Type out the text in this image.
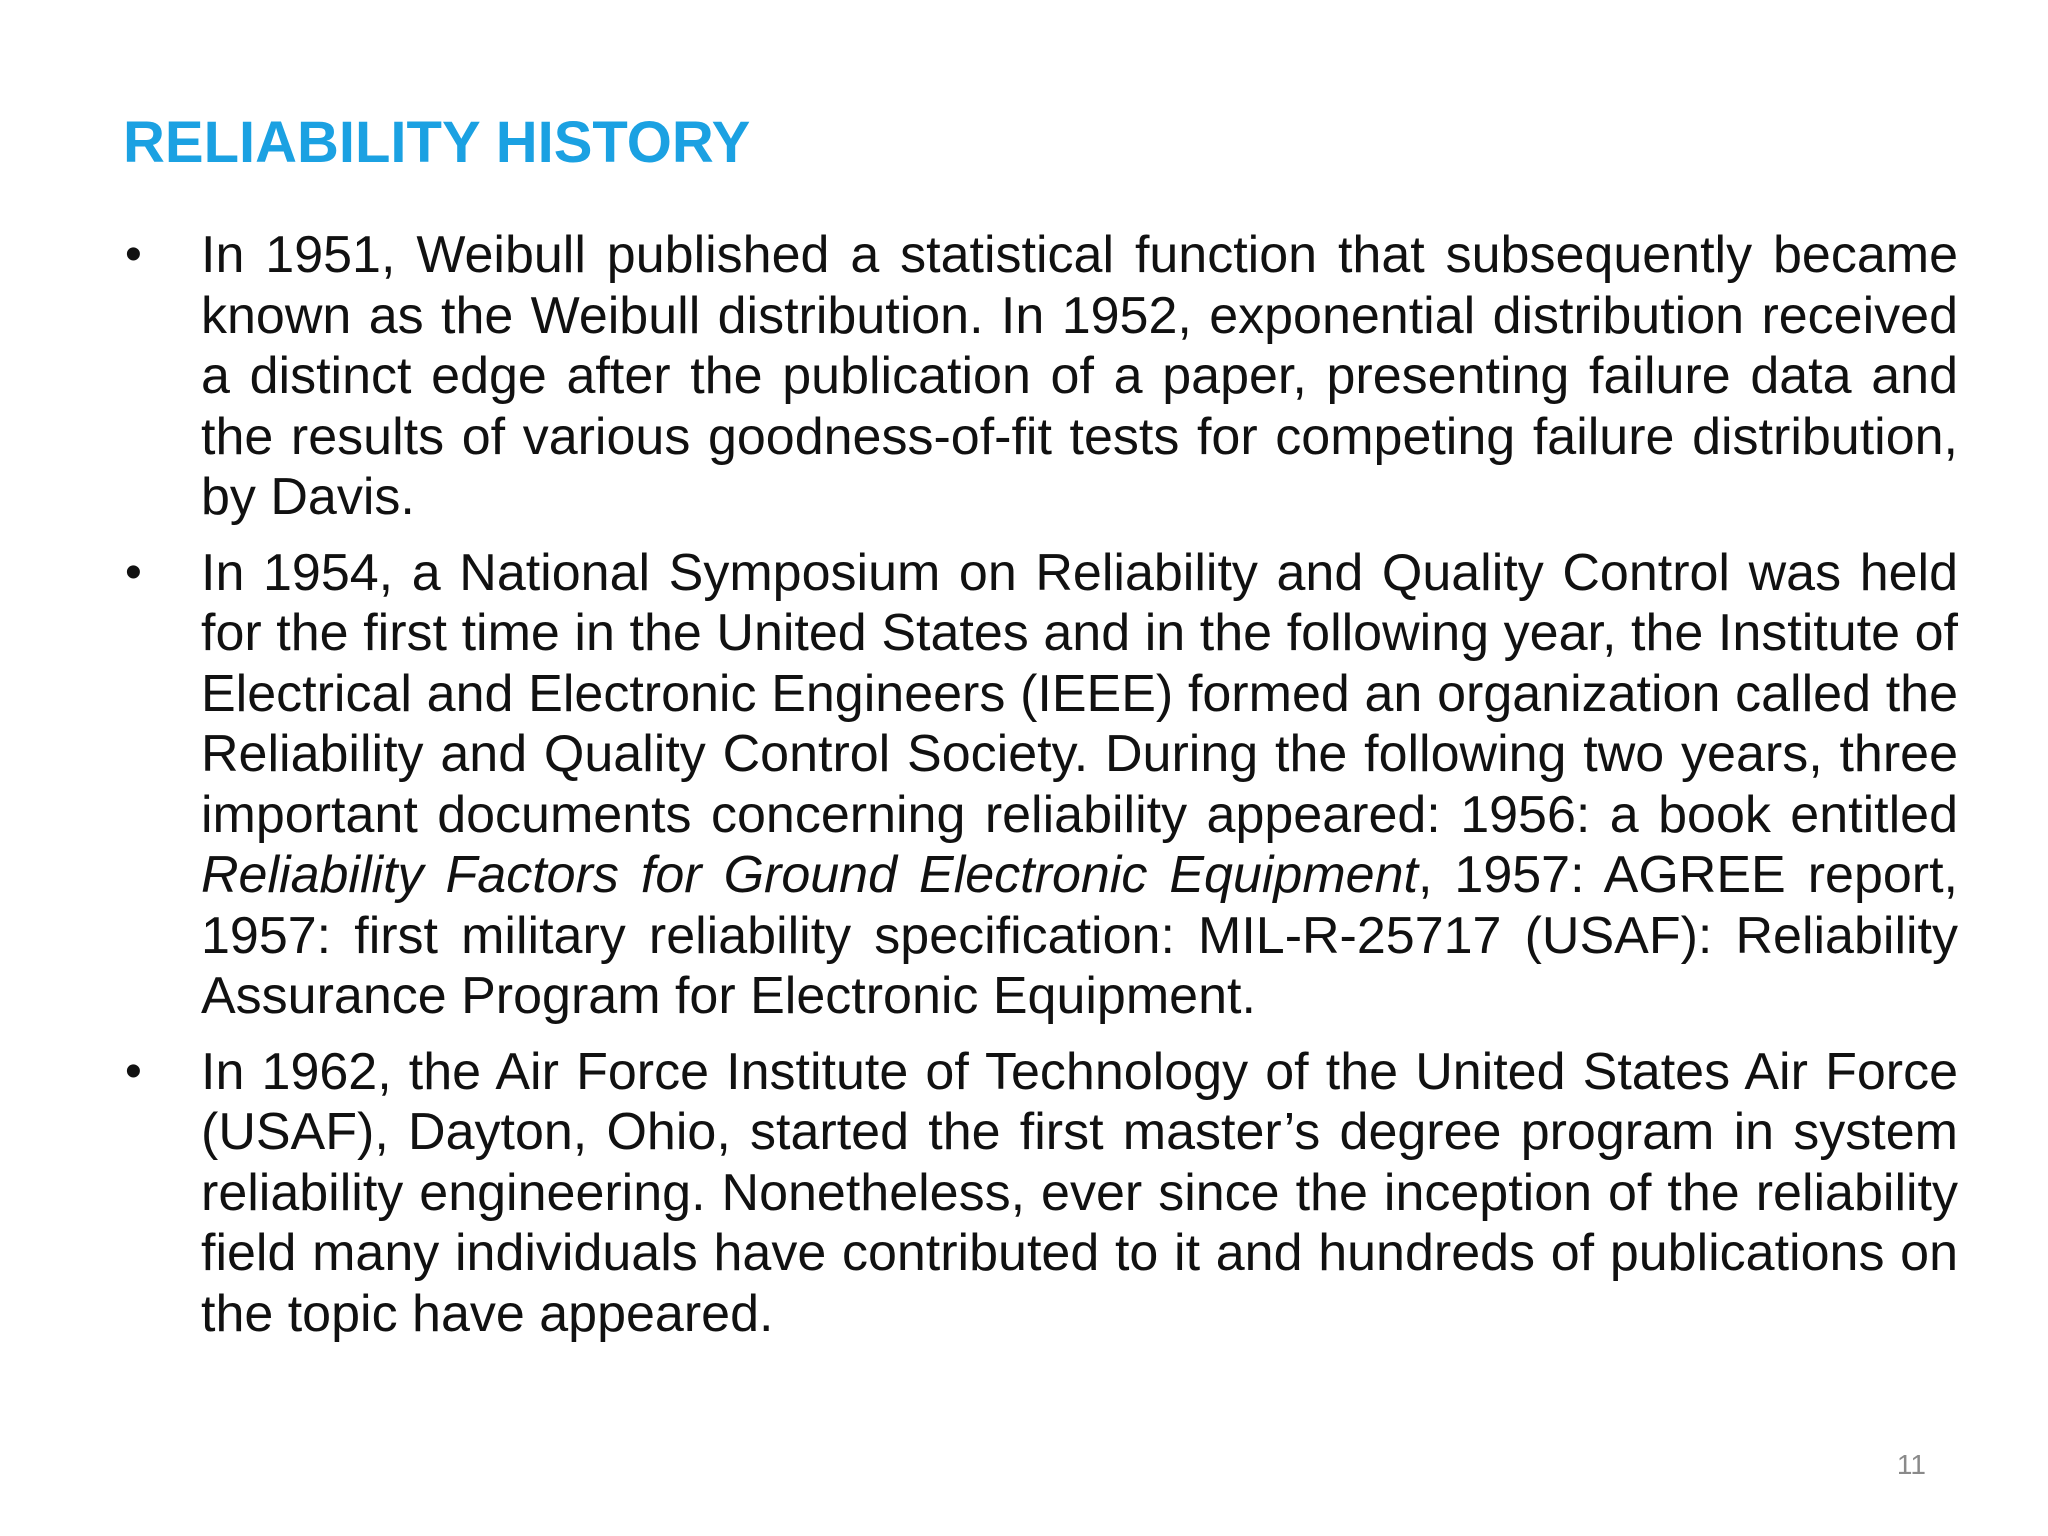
RELIABILITY HISTORY
• In 1951, Weibull published a statistical function that subsequently became known as the Weibull distribution. In 1952, exponential distribution received a distinct edge after the publication of a paper, presenting failure data and the results of various goodness-of-fit tests for competing failure distribution, by Davis.
• In 1954, a National Symposium on Reliability and Quality Control was held for the first time in the United States and in the following year, the Institute of Electrical and Electronic Engineers (IEEE) formed an organization called the Reliability and Quality Control Society. During the following two years, three important documents concerning reliability appeared: 1956: a book entitled Reliability Factors for Ground Electronic Equipment, 1957: AGREE report, 1957: first military reliability specification: MIL-R-25717 (USAF): Reliability Assurance Program for Electronic Equipment.
• In 1962, the Air Force Institute of Technology of the United States Air Force (USAF), Dayton, Ohio, started the first master’s degree program in system reliability engineering. Nonetheless, ever since the inception of the reliability field many individuals have contributed to it and hundreds of publications on the topic have appeared.
11
